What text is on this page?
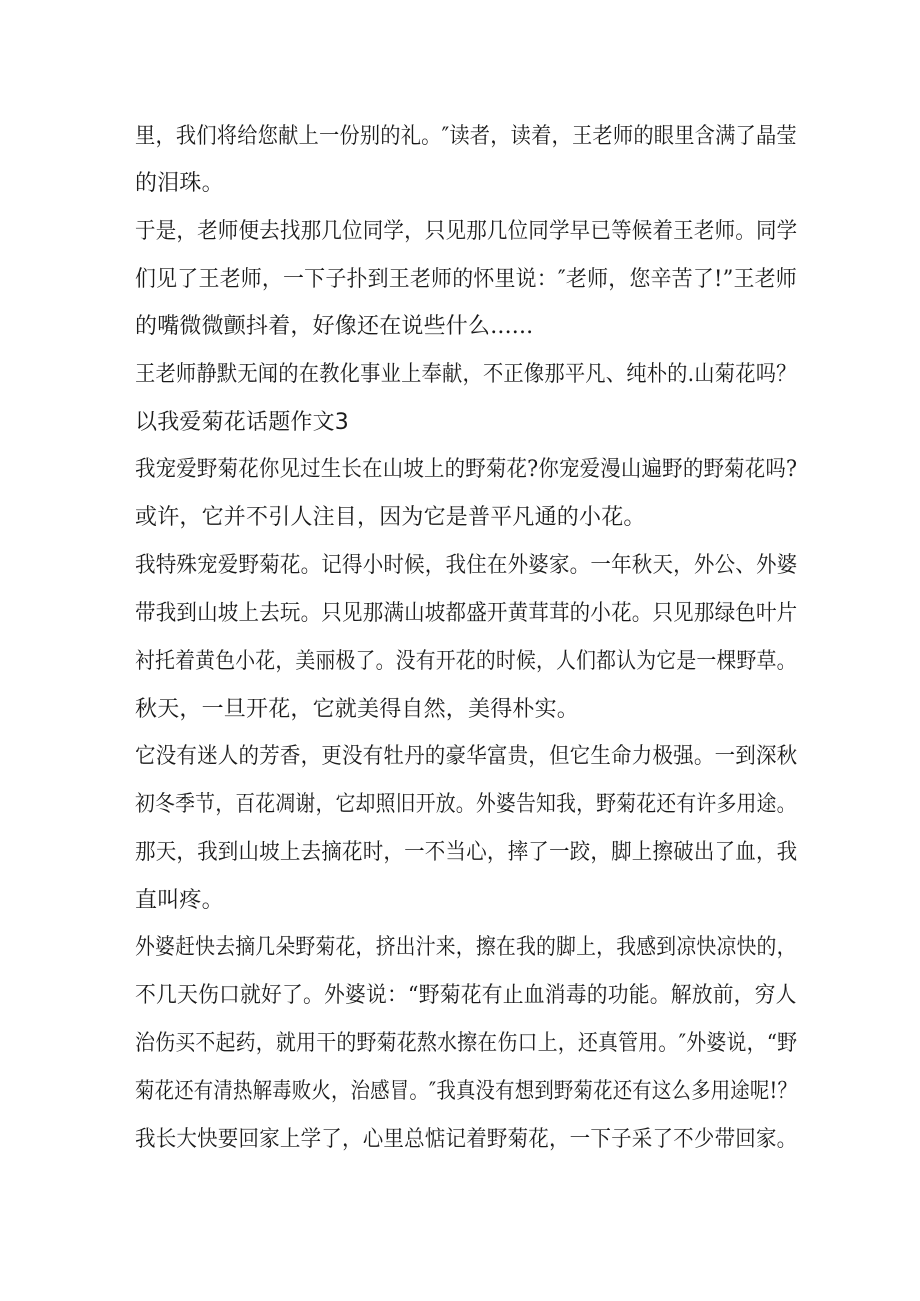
里，我们将给您献上一份别的礼。″读者，读着，王老师的眼里含满了晶莹
的泪珠。
于是，老师便去找那几位同学，只见那几位同学早已等候着王老师。同学
们见了王老师，一下子扑到王老师的怀里说：″老师，您辛苦了!”王老师
的嘴微微颤抖着，好像还在说些什么......
王老师静默无闻的在教化事业上奉献，不正像那平凡、纯朴的.山菊花吗？
以我爱菊花话题作文3
我宠爱野菊花你见过生长在山坡上的野菊花?你宠爱漫山遍野的野菊花吗?
或许，它并不引人注目，因为它是普平凡通的小花。
我特殊宠爱野菊花。记得小时候，我住在外婆家。一年秋天，外公、外婆
带我到山坡上去玩。只见那满山坡都盛开黄茸茸的小花。只见那绿色叶片
衬托着黄色小花，美丽极了。没有开花的时候，人们都认为它是一棵野草。
秋天，一旦开花，它就美得自然，美得朴实。
它没有迷人的芳香，更没有牡丹的豪华富贵，但它生命力极强。一到深秋
初冬季节，百花凋谢，它却照旧开放。外婆告知我，野菊花还有许多用途。
那天，我到山坡上去摘花时，一不当心，摔了一跤，脚上擦破出了血，我
直叫疼。
外婆赶快去摘几朵野菊花，挤出汁来，擦在我的脚上，我感到凉快凉快的，
不几天伤口就好了。外婆说：“野菊花有止血消毒的功能。解放前，穷人
治伤买不起药，就用干的野菊花熬水擦在伤口上，还真管用。″外婆说，“野
菊花还有清热解毒败火，治感冒。″我真没有想到野菊花还有这么多用途呢!？
我长大快要回家上学了，心里总惦记着野菊花，一下子采了不少带回家。
